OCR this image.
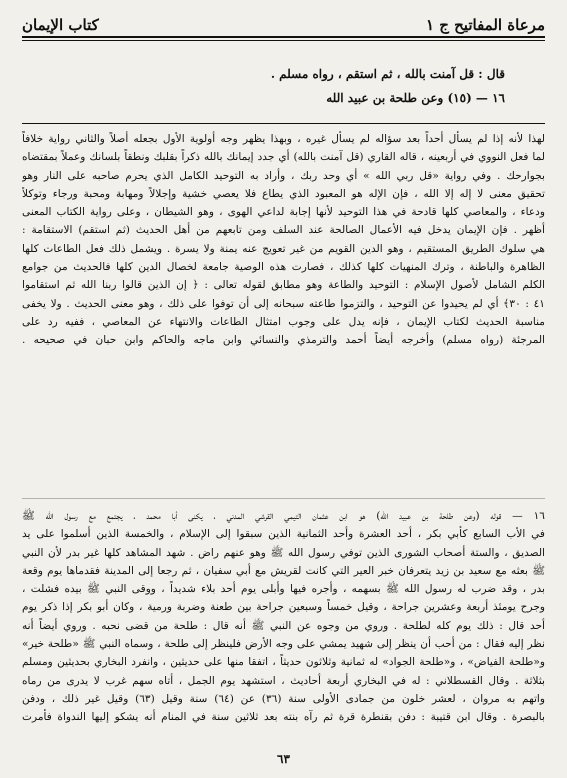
مرعاة المفاتيح ج ١
كتاب الإيمان
قال : قل آمنت بالله ، ثم استقم ، رواه مسلم .
١٦ — (١٥) وعن طلحة بن عبيد الله
لهذا لأنه إذا لم يسأل أحداً بعد سؤاله لم يسأل غيره ، وبهذا يظهر وجه أولوية الأول بجعله أصلاً والثاني رواية خلافاً
لما فعل النووي في أربعينه ، قاله القاري (قل آمنت بالله) أي جدد إيمانك بالله ذكراً بقلبك ونطقاً بلسانك وعملاً بمقتضاه
بجوارحك . وفي رواية «قل ربي الله » أي وحد ربك ، وأراد به التوحيد الكامل الذي يحرم صاحبه على النار وهو
تحقيق معنى لا إله إلا الله ، فإن الإله هو المعبود الذي يطاع فلا يعصي خشية وإجلالاً ومهابة ومحبة ورجاء وتوكلاً
ودعاء ، والمعاصي كلها قادحة في هذا التوحيد لأنها إجابة لداعي الهوى ، وهو الشيطان ، وعلى رواية الكتاب المعنى
أظهر . فإن الإيمان يدخل فيه الأعمال الصالحة عند السلف ومن تابعهم من أهل الحديث (ثم استقم) الاستقامة :
هي سلوك الطريق المستقيم ، وهو الدين القويم من غير تعويج عنه يمنة ولا يسرة . ويشمل ذلك فعل الطاعات كلها
الظاهرة والباطنة ، وترك المنهيات كلها كذلك ، فصارت هذه الوصية جامعة لخصال الدين كلها فالحديث من جوامع
الكلم الشامل لأصول الإسلام : التوحيد والطاعة وهو مطابق لقوله تعالى : ﴿ إن الذين قالوا ربنا الله ثم استقاموا
٤١ : ٣٠﴾ أي لم يحيدوا عن التوحيد ، والتزموا طاعته سبحانه إلى أن توفوا على ذلك ، وهو معنى الحديث . ولا يخفى
مناسبة الحديث لكتاب الإيمان ، فإنه يدل على وجوب امتثال الطاعات والانتهاء عن المعاصي ، ففيه رد على
المرجئة (رواه مسلم) وأخرجه أيضاً أحمد والترمذي والنسائي وابن ماجه والحاكم وابن حبان في صحيحه .
١٦ — قوله (وعن طلحة بن عبيد الله) هو ابن عثمان التيمي القرشي المدني ، يكنى أبا محمد ، يجتمع مع رسول الله ﷺ
في الأب السابع كأبي بكر ، أحد العشرة وأحد الثمانية الذين سبقوا إلى الإسلام ، والخمسة الذين أسلموا على يد
الصديق ، والستة أصحاب الشورى الذين توفي رسول الله ﷺ وهو عنهم راض . شهد المشاهد كلها غير بدر لأن النبي
ﷺ بعثه مع سعيد بن زيد يتعرفان خبر العير التي كانت لقريش مع أبي سفيان ، ثم رجعا إلى المدينة فقدماها يوم وقعة
بدر ، وقد ضرب له رسول الله ﷺ بسهمه ، وأجره فيها وأبلى يوم أحد بلاء شديداً ، ووقى النبي ﷺ بيده فشلت ،
وجرح يومئذ أربعة وعشرين جراحة ، وقيل خمساً وسبعين جراحة بين طعنة وضربة ورمية ، وكان أبو بكر إذا ذكر يوم
أحد قال : ذلك يوم كله لطلحة . وروي من وجوه عن النبي ﷺ أنه قال : طلحة من قضى نحبه . وروي أيضاً أنه
نظر إليه فقال : من أحب أن ينظر إلى شهيد يمشي على وجه الأرض فلينظر إلى طلحة ، وسماه النبي ﷺ «طلحة خير»
و«طلحة الفياض» ، و«طلحة الجواد» له ثمانية وثلاثون حديثاً ، اتفقا منها على حديثين ، وانفرد البخاري بحديثين ومسلم
بثلاثة . وقال القسطلاني : له في البخاري أربعة أحاديث ، استشهد يوم الجمل ، أتاه سهم غرب لا يدرى من رماه
واتهم به مروان ، لعشر خلون من جمادى الأولى سنة (٣٦) عن (٦٤) سنة وقيل (٦٣) وقيل غير ذلك ، ودفن
بالبصرة . وقال ابن قتيبة : دفن بقنطرة قرة ثم رآه بنته بعد ثلاثين سنة في المنام أنه يشكو إليها الندواة فأمرت
٦٣
